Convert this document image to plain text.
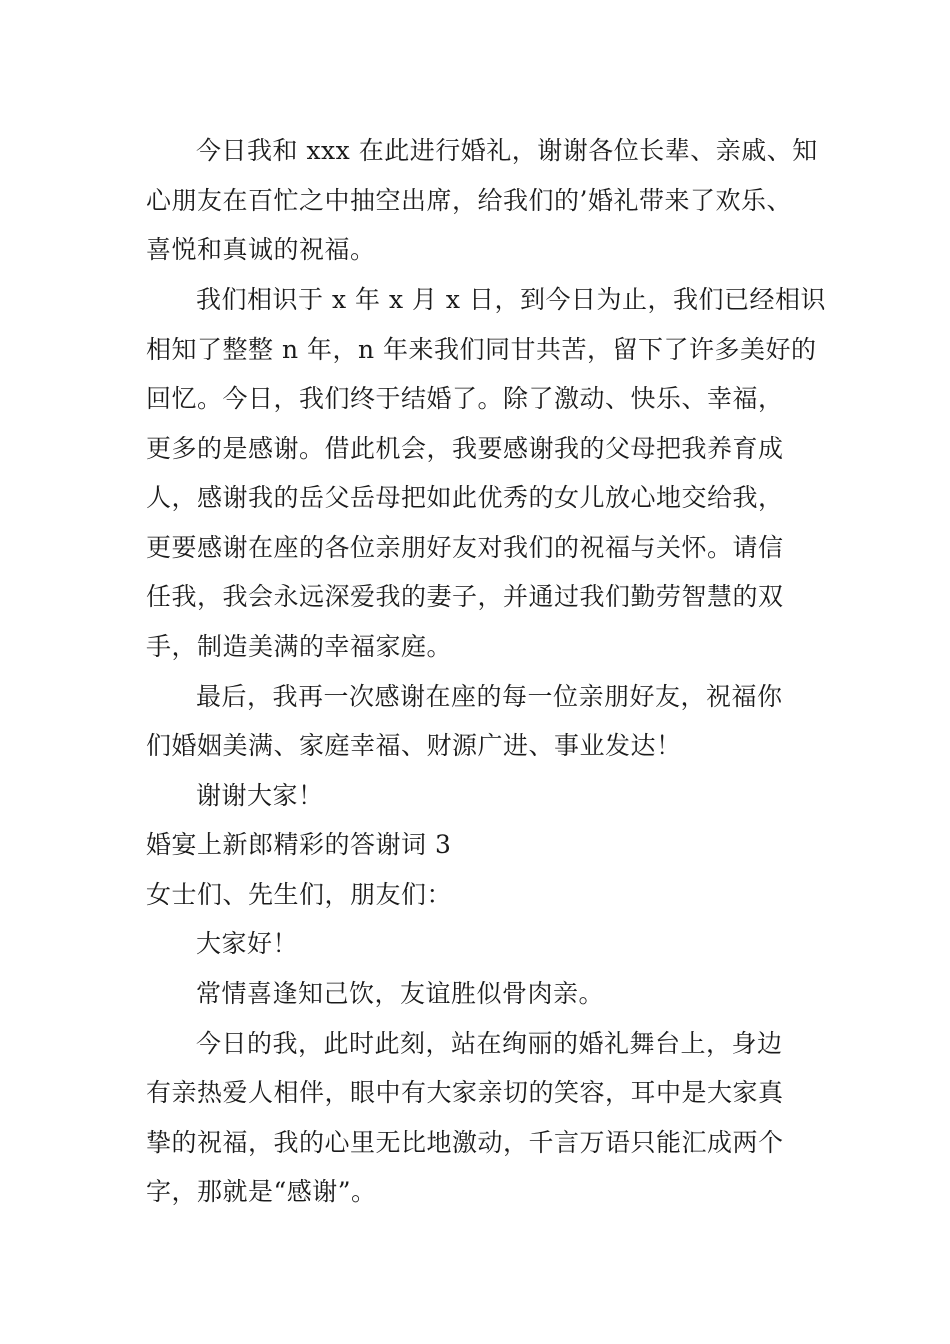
今日我和 xxx 在此进行婚礼，谢谢各位长辈、亲戚、知
心朋友在百忙之中抽空出席，给我们的’婚礼带来了欢乐、
喜悦和真诚的祝福。
我们相识于 x 年 x 月 x 日，到今日为止，我们已经相识
相知了整整 n 年，n 年来我们同甘共苦，留下了许多美好的
回忆。今日，我们终于结婚了。除了激动、快乐、幸福，
更多的是感谢。借此机会，我要感谢我的父母把我养育成
人，感谢我的岳父岳母把如此优秀的女儿放心地交给我，
更要感谢在座的各位亲朋好友对我们的祝福与关怀。请信
任我，我会永远深爱我的妻子，并通过我们勤劳智慧的双
手，制造美满的幸福家庭。
最后，我再一次感谢在座的每一位亲朋好友，祝福你
们婚姻美满、家庭幸福、财源广进、事业发达！
谢谢大家！
婚宴上新郎精彩的答谢词 3
女士们、先生们，朋友们：
大家好！
常情喜逢知己饮，友谊胜似骨肉亲。
今日的我，此时此刻，站在绚丽的婚礼舞台上，身边
有亲热爱人相伴，眼中有大家亲切的笑容，耳中是大家真
挚的祝福，我的心里无比地激动，千言万语只能汇成两个
字，那就是“感谢”。
